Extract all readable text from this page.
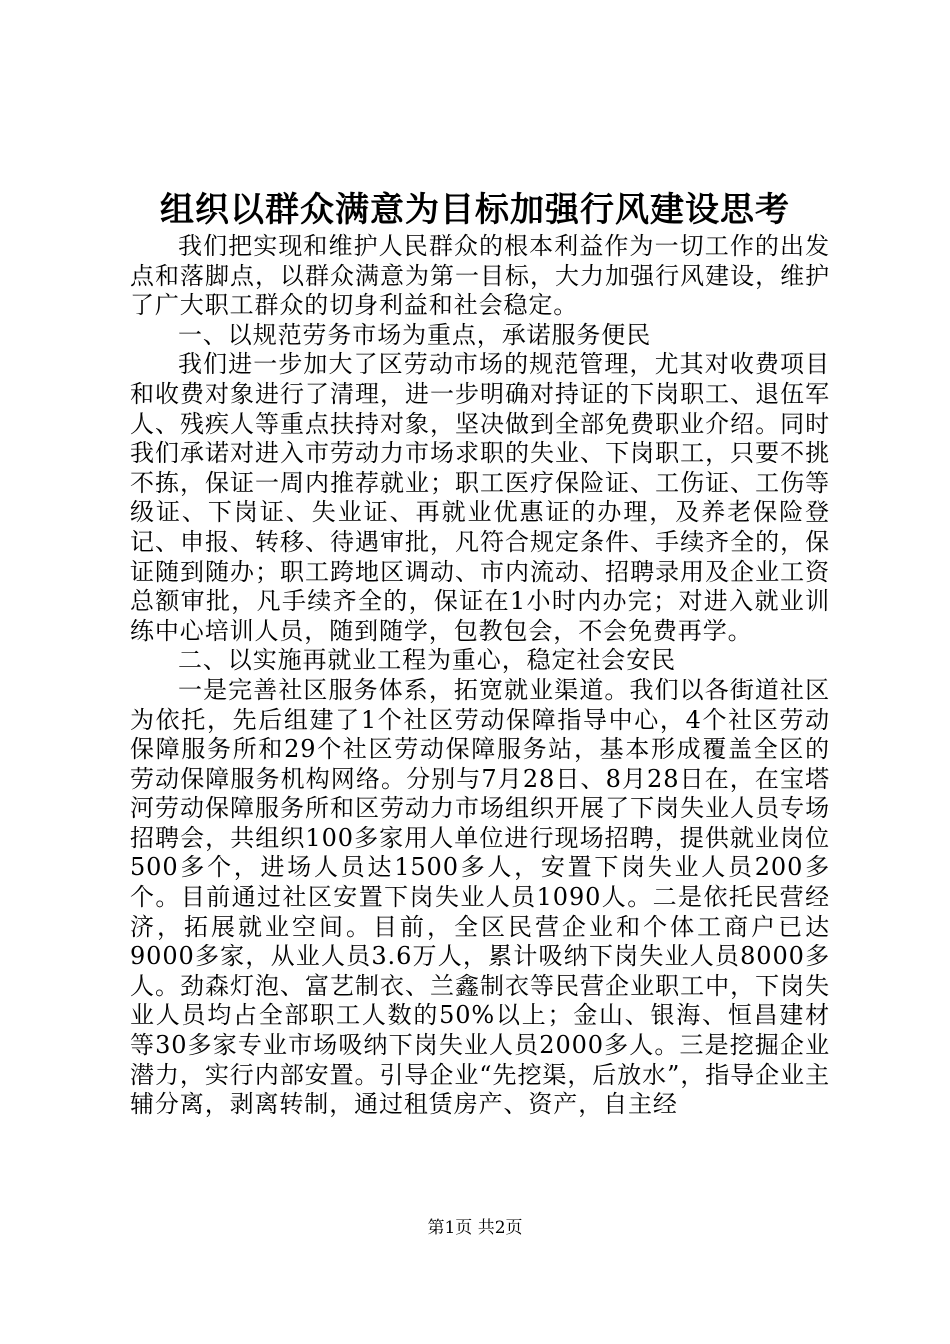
组织以群众满意为目标加强行风建设思考

我们把实现和维护人民群众的根本利益作为一切工作的出发点和落脚点，以群众满意为第一目标，大力加强行风建设，维护了广大职工群众的切身利益和社会稳定。

一、以规范劳务市场为重点，承诺服务便民

我们进一步加大了区劳动市场的规范管理，尤其对收费项目和收费对象进行了清理，进一步明确对持证的下岗职工、退伍军人、残疾人等重点扶持对象，坚决做到全部免费职业介绍。同时我们承诺对进入市劳动力市场求职的失业、下岗职工，只要不挑不拣，保证一周内推荐就业；职工医疗保险证、工伤证、工伤等级证、下岗证、失业证、再就业优惠证的办理，及养老保险登记、申报、转移、待遇审批，凡符合规定条件、手续齐全的，保证随到随办；职工跨地区调动、市内流动、招聘录用及企业工资总额审批，凡手续齐全的，保证在1小时内办完；对进入就业训练中心培训人员，随到随学，包教包会，不会免费再学。

二、以实施再就业工程为重心，稳定社会安民

一是完善社区服务体系，拓宽就业渠道。我们以各街道社区为依托，先后组建了1个社区劳动保障指导中心，4个社区劳动保障服务所和29个社区劳动保障服务站，基本形成覆盖全区的劳动保障服务机构网络。分别与7月28日、8月28日在，在宝塔河劳动保障服务所和区劳动力市场组织开展了下岗失业人员专场招聘会，共组织100多家用人单位进行现场招聘，提供就业岗位500多个，进场人员达1500多人，安置下岗失业人员200多个。目前通过社区安置下岗失业人员1090人。二是依托民营经济，拓展就业空间。目前，全区民营企业和个体工商户已达9000多家，从业人员3.6万人，累计吸纳下岗失业人员8000多人。劲森灯泡、富艺制衣、兰鑫制衣等民营企业职工中，下岗失业人员均占全部职工人数的50%以上；金山、银海、恒昌建材等30多家专业市场吸纳下岗失业人员2000多人。三是挖掘企业潜力，实行内部安置。引导企业“先挖渠，后放水”，指导企业主辅分离，剥离转制，通过租赁房产、资产，自主经

第1页 共2页
